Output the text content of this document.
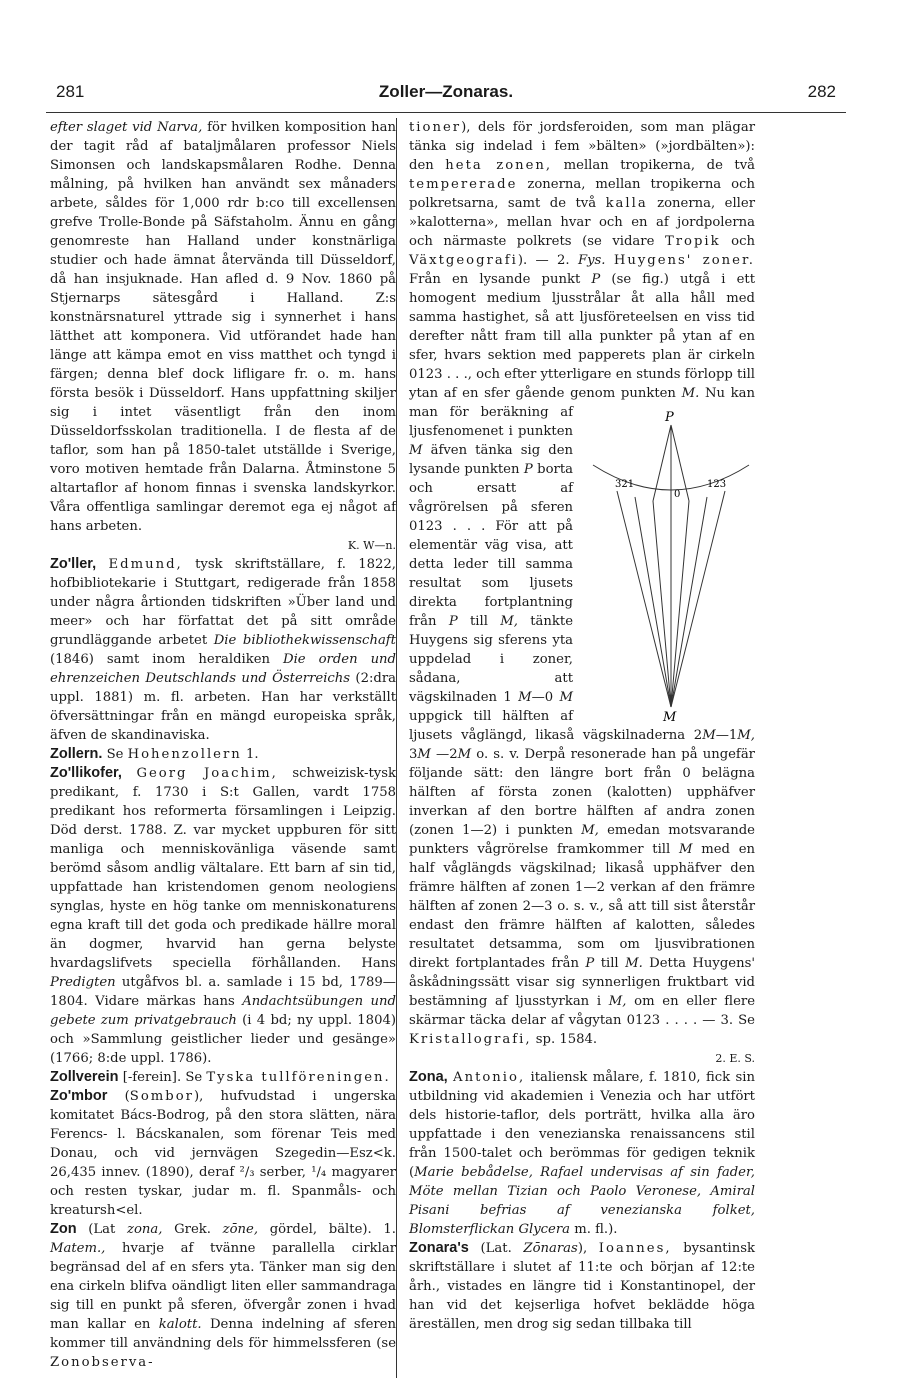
281	Zoller—Zonaras.	282

efter slaget vid Narva, för hvilken komposition han der tagit råd af bataljmålaren professor Niels Simonsen och landskapsmålaren Rodhe. Denna målning, på hvilken han användt sex månaders arbete, såldes för 1,000 rdr b:co till excellensen grefve Trolle-Bonde på Säfstaholm. Ännu en gång genomreste han Halland under konstnärliga studier och hade ämnat återvända till Düsseldorf, då han insjuknade. Han afled d. 9 Nov. 1860 på Stjernarps sätesgård i Halland. Z:s konstnärsnaturel yttrade sig i synnerhet i hans lätthet att komponera. Vid utförandet hade han länge att kämpa emot en viss matthet och tyngd i färgen; denna blef dock lifligare fr. o. m. hans första besök i Düsseldorf. Hans uppfattning skiljer sig i intet väsentligt från den inom Düsseldorfsskolan traditionella. I de flesta af de taflor, som han på 1850-talet utställde i Sverige, voro motiven hemtade från Dalarna. Åtminstone 5 altartaflor af honom finnas i svenska landskyrkor. Våra offentliga samlingar deremot ega ej något af hans arbeten.
K. W—n.

Zo'ller, Edmund, tysk skriftställare, f. 1822, hofbibliotekarie i Stuttgart, redigerade från 1858 under några årtionden tidskriften »Über land und meer» och har författat det på sitt område grundläggande arbetet Die bibliothekwissenschaft (1846) samt inom heraldiken Die orden und ehrenzeichen Deutschlands und Österreichs (2:dra uppl. 1881) m. fl. arbeten. Han har verkställt öfversättningar från en mängd europeiska språk, äfven de skandinaviska.

Zollern. Se Hohenzollern 1.

Zo'llikofer, Georg Joachim, schweizisk-tysk predikant, f. 1730 i S:t Gallen, vardt 1758 predikant hos reformerta församlingen i Leipzig. Död derst. 1788. Z. var mycket uppburen för sitt manliga och menniskovänliga väsende samt berömd såsom andlig vältalare. Ett barn af sin tid, uppfattade han kristendomen genom neologiens synglas, hyste en hög tanke om menniskonaturens egna kraft till det goda och predikade hällre moral än dogmer, hvarvid han gerna belyste hvardagslifvets speciella förhållanden. Hans Predigten utgåfvos bl. a. samlade i 15 bd, 1789—1804. Vidare märkas hans Andachtsübungen und gebete zum privatgebrauch (i 4 bd; ny uppl. 1804) och »Sammlung geistlicher lieder und gesänge» (1766; 8:de uppl. 1786).

Zollverein [-ferein]. Se Tyska tullföreningen.

Zo'mbor (Sombor), hufvudstad i ungerska komitatet Bács-Bodrog, på den stora slätten, nära Ferencs- l. Bácskanalen, som förenar Teis med Donau, och vid jernvägen Szegedin—Esz<k. 26,435 innev. (1890), deraf ²/₃ serber, ¹/₄ magyarer och resten tyskar, judar m. fl. Spanmåls- och kreatursh<el.

Zon (Lat zona, Grek. zōne, gördel, bälte). 1. Matem., hvarje af tvänne parallella cirklar begränsad del af en sfers yta. Tänker man sig den ena cirkeln blifva oändligt liten eller sammandraga sig till en punkt på sferen, öfvergår zonen i hvad man kallar en kalott. Denna indelning af sferen kommer till användning dels för himmelssferen (se Zonobserva-

tioner), dels för jordsferoiden, som man plägar tänka sig indelad i fem »bälten» (»jordbälten»): den heta zonen, mellan tropikerna, de två tempererade zonerna, mellan tropikerna och polkretsarna, samt de två kalla zonerna, eller »kalotterna», mellan hvar och en af jordpolerna och närmaste polkrets (se vidare Tropik och Växtgeografi). — 2. Fys. Huygens' zoner. Från en lysande punkt P (se fig.) utgå i ett homogent medium ljusstrålar åt alla håll med samma hastighet, så att ljusföreteelsen en viss tid derefter nått fram till alla punkter på ytan af en sfer, hvars sektion med papperets plan är cirkeln 0123 . . ., och efter ytterligare en stunds förlopp till ytan af en sfer gående genom punkten M.
P
M
321
0
123
Nu kan man för beräkning af ljusfenomenet i punkten M äfven tänka sig den lysande punkten P borta och ersatt af vågrörelsen på sferen 0123 . . . För att på elementär väg visa, att detta leder till samma resultat som ljusets direkta fortplantning från P till M, tänkte Huygens sig sferens yta uppdelad i zoner, sådana, att vägskilnaden 1 M—0 M uppgick till hälften af ljusets våglängd, likaså vägskilnaderna 2M—1M, 3M —2M o. s. v. Derpå resonerade han på ungefär följande sätt: den längre bort från 0 belägna hälften af första zonen (kalotten) upphäfver inverkan af den bortre hälften af andra zonen (zonen 1—2) i punkten M, emedan motsvarande punkters vågrörelse framkommer till M med en half våglängds vägskilnad; likaså upphäfver den främre hälften af zonen 1—2 verkan af den främre hälften af zonen 2—3 o. s. v., så att till sist återstår endast den främre hälften af kalotten, således resultatet detsamma, som om ljusvibrationen direkt fortplantades från P till M. Detta Huygens' åskådningssätt visar sig synnerligen fruktbart vid bestämning af ljusstyrkan i M, om en eller flere skärmar täcka delar af vågytan 0123 . . . . — 3. Se Kristallografi, sp. 1584.
2. E. S.

Zona, Antonio, italiensk målare, f. 1810, fick sin utbildning vid akademien i Venezia och har utfört dels historie-taflor, dels porträtt, hvilka alla äro uppfattade i den venezianska renaissancens stil från 1500-talet och berömmas för gedigen teknik (Marie bebådelse, Rafael undervisas af sin fader, Möte mellan Tizian och Paolo Veronese, Amiral Pisani befrias af venezianska folket, Blomsterflickan Glycera m. fl.).

Zonara's (Lat. Zōnaras), Ioannes, bysantinsk skriftställare i slutet af 11:te och början af 12:te årh., vistades en längre tid i Konstantinopel, der han vid det kejserliga hofvet beklädde höga äreställen, men drog sig sedan tillbaka till
